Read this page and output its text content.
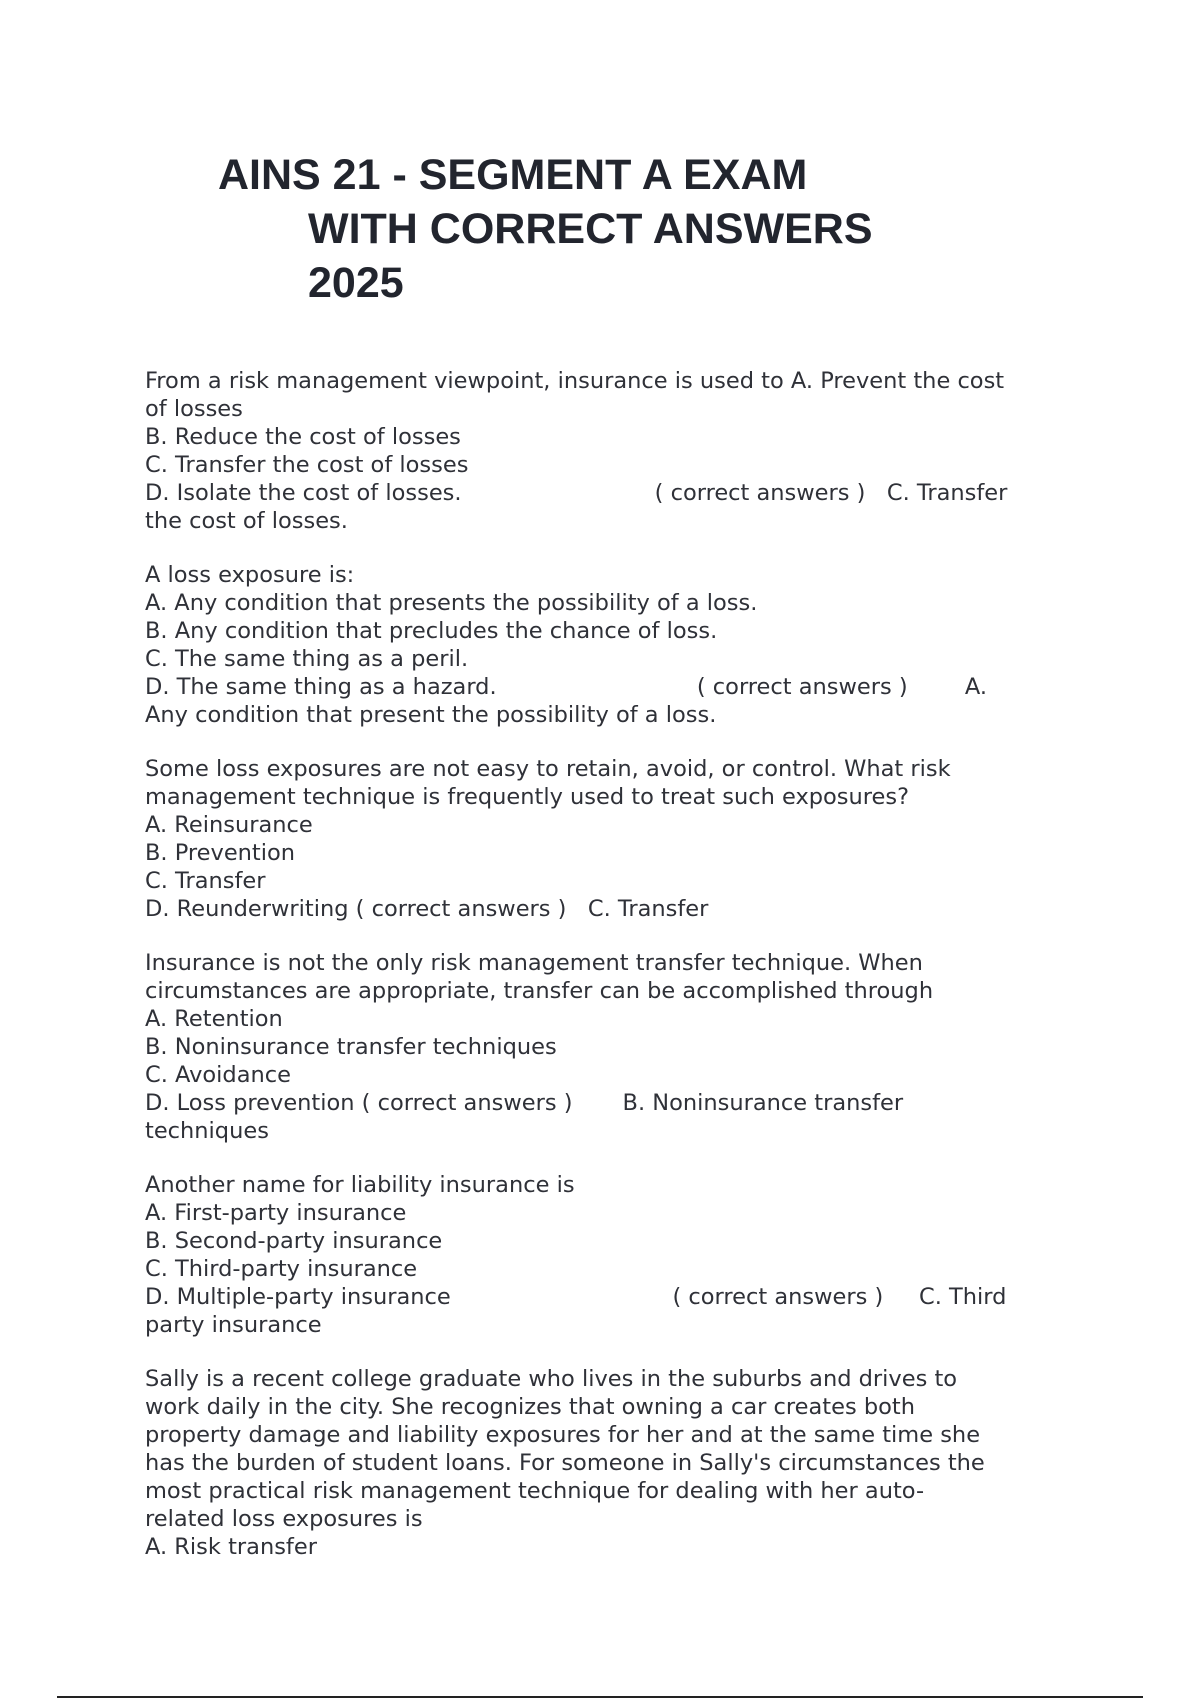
AINS 21 - SEGMENT A EXAM
WITH CORRECT ANSWERS
2025
From a risk management viewpoint, insurance is used to A. Prevent the cost
of losses
B. Reduce the cost of losses
C. Transfer the cost of losses
D. Isolate the cost of losses.                           ( correct answers )   C. Transfer
the cost of losses.
A loss exposure is:
A. Any condition that presents the possibility of a loss.
B. Any condition that precludes the chance of loss.
C. The same thing as a peril.
D. The same thing as a hazard.                            ( correct answers )        A.
Any condition that present the possibility of a loss.
Some loss exposures are not easy to retain, avoid, or control. What risk
management technique is frequently used to treat such exposures?
A. Reinsurance
B. Prevention
C. Transfer
D. Reunderwriting ( correct answers )   C. Transfer
Insurance is not the only risk management transfer technique. When
circumstances are appropriate, transfer can be accomplished through
A. Retention
B. Noninsurance transfer techniques
C. Avoidance
D. Loss prevention ( correct answers )       B. Noninsurance transfer
techniques
Another name for liability insurance is
A. First-party insurance
B. Second-party insurance
C. Third-party insurance
D. Multiple-party insurance                               ( correct answers )     C. Third
party insurance
Sally is a recent college graduate who lives in the suburbs and drives to
work daily in the city. She recognizes that owning a car creates both
property damage and liability exposures for her and at the same time she
has the burden of student loans. For someone in Sally's circumstances the
most practical risk management technique for dealing with her auto-
related loss exposures is
A. Risk transfer
